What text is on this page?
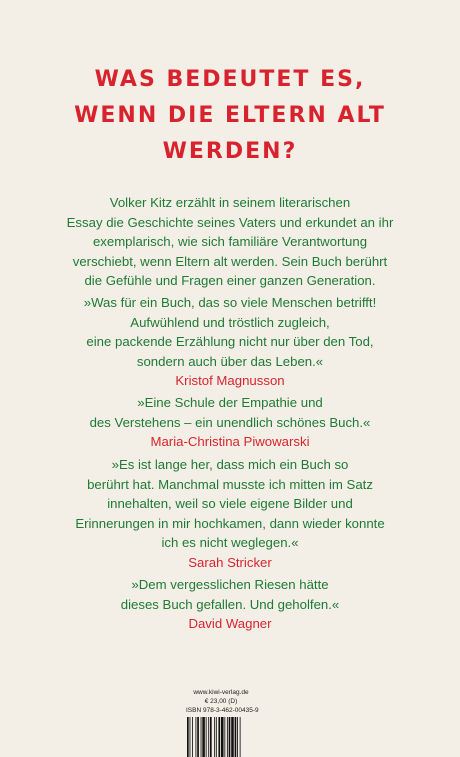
WAS BEDEUTET ES,
WENN DIE ELTERN ALT
WERDEN?

Volker Kitz erzählt in seinem literarischen
Essay die Geschichte seines Vaters und erkundet an ihr
exemplarisch, wie sich familiäre Verantwortung
verschiebt, wenn Eltern alt werden. Sein Buch berührt
die Gefühle und Fragen einer ganzen Generation.

»Was für ein Buch, das so viele Menschen betrifft!
Aufwühlend und tröstlich zugleich,
eine packende Erzählung nicht nur über den Tod,
sondern auch über das Leben.«
Kristof Magnusson

»Eine Schule der Empathie und
des Verstehens – ein unendlich schönes Buch.«
Maria-Christina Piwowarski

»Es ist lange her, dass mich ein Buch so
berührt hat. Manchmal musste ich mitten im Satz
innehalten, weil so viele eigene Bilder und
Erinnerungen in mir hochkamen, dann wieder konnte
ich es nicht weglegen.«
Sarah Stricker

»Dem vergesslichen Riesen hätte
dieses Buch gefallen. Und geholfen.«
David Wagner

www.kiwi-verlag.de
€ 23,00 (D)
ISBN 978-3-462-00435-9
